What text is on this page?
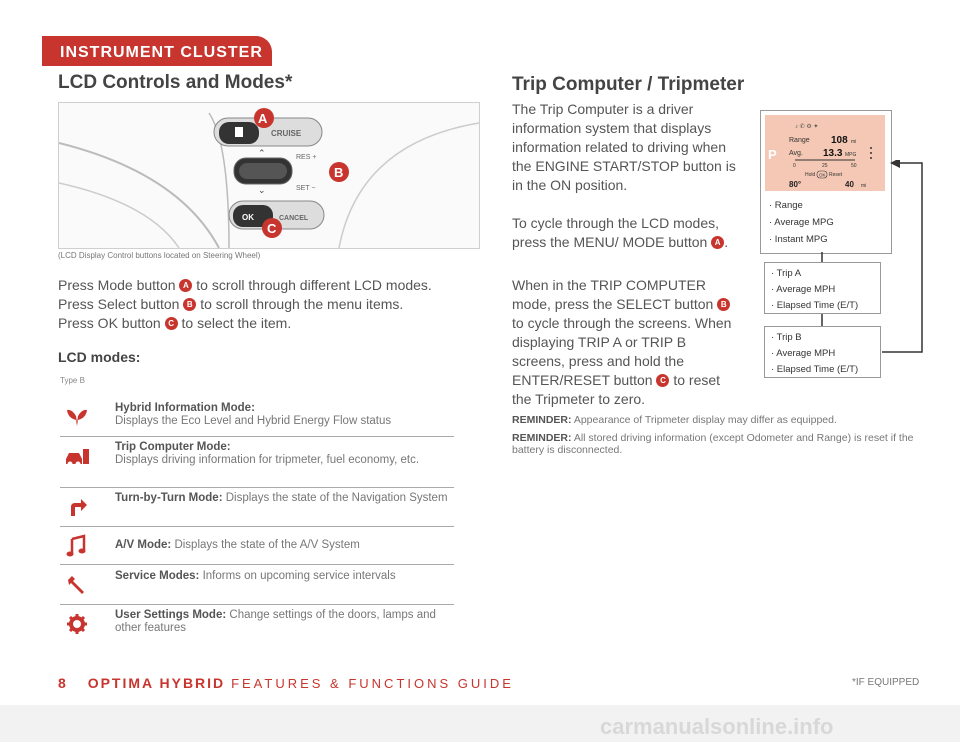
INSTRUMENT CLUSTER
LCD Controls and Modes*
CRUISE
RES +
SET −
⌃
⌄
OK	CANCEL
A
B
C
(LCD Display Control buttons located on Steering Wheel)
Press Mode button A to scroll through different LCD modes.
Press Select button B to scroll through the menu items.
Press OK button C to select the item.
LCD modes:
Type B
Hybrid Information Mode:
Displays the Eco Level and Hybrid Energy Flow status
Trip Computer Mode:
Displays driving information for tripmeter, fuel economy, etc.
Turn-by-Turn Mode: Displays the state of the Navigation System
A/V Mode: Displays the state of the A/V System
Service Modes: Informs on upcoming service intervals
User Settings Mode: Change settings of the doors, lamps and other features
Trip Computer / Tripmeter
The Trip Computer is a driver information system that displays information related to driving when the ENGINE START/STOP button is in the ON position.
To cycle through the LCD modes, press the MENU/ MODE button A .
When in the TRIP COMPUTER mode, press the SELECT button B to cycle through the screens. When displaying TRIP A or TRIP B screens, press and hold the ENTER/RESET button C to reset the Tripmeter to zero.
♪ ✆ ⚙ ✦
Range 108 mi
Avg. 13.3 MPG
P
0	25	50
Hold OK Reset
80°	40 mi
· Range
· Average MPG
· Instant MPG
· Trip A
· Average MPH
· Elapsed Time (E/T)
· Trip B
· Average MPH
· Elapsed Time (E/T)
REMINDER: Appearance of Tripmeter display may differ as equipped.
REMINDER: All stored driving information (except Odometer and Range) is reset if the battery is disconnected.
8 OPTIMA HYBRID FEATURES & FUNCTIONS GUIDE	*IF EQUIPPED
carmanualsonline.info
